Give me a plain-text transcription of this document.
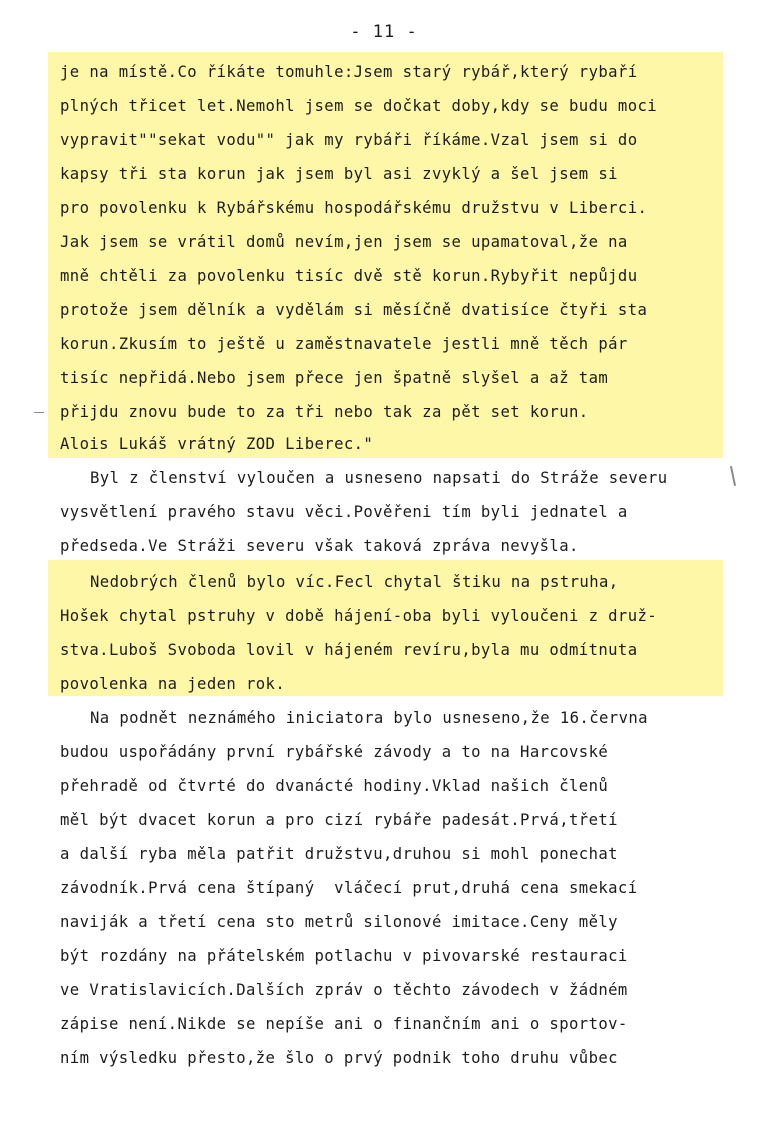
- 11 -
je na místě.Co říkáte tomuhle:Jsem starý rybář,který rybaří
plných třicet let.Nemohl jsem se dočkat doby,kdy se budu moci
vypravit""sekat vodu"" jak my rybáři říkáme.Vzal jsem si do
kapsy tři sta korun jak jsem byl asi zvyklý a šel jsem si
pro povolenku k Rybářskému hospodářskému družstvu v Liberci.
Jak jsem se vrátil domů nevím,jen jsem se upamatoval,že na
mně chtěli za povolenku tisíc dvě stě korun.Rybyřit nepůjdu
protože jsem dělník a vydělám si měsíčně dvatisíce čtyři sta
korun.Zkusím to ještě u zaměstnavatele jestli mně těch pár
tisíc nepřidá.Nebo jsem přece jen špatně slyšel a až tam
přijdu znovu bude to za tři nebo tak za pět set korun.
Alois Lukáš vrátný ZOD Liberec."
Byl z členství vyloučen a usneseno napsati do Stráže severu
vysvětlení pravého stavu věci.Pověřeni tím byli jednatel a
předseda.Ve Stráži severu však taková zpráva nevyšla.
Nedobrých členů bylo víc.Fecl chytal štiku na pstruha,
Hošek chytal pstruhy v době hájení-oba byli vyloučeni z druž-
stva.Luboš Svoboda lovil v hájeném revíru,byla mu odmítnuta
povolenka na jeden rok.
Na podnět neznámého iniciatora bylo usneseno,že 16.června
budou uspořádány první rybářské závody a to na Harcovské
přehradě od čtvrté do dvanácté hodiny.Vklad našich členů
měl být dvacet korun a pro cizí rybáře padesát.Prvá,třetí
a další ryba měla patřit družstvu,druhou si mohl ponechat
závodník.Prvá cena štípaný  vláčecí prut,druhá cena smekací
naviják a třetí cena sto metrů silonové imitace.Ceny měly
být rozdány na přátelském potlachu v pivovarské restauraci
ve Vratislavicích.Dalších zpráv o těchto závodech v žádném
zápise není.Nikde se nepíše ani o finančním ani o sportov-
ním výsledku přesto,že šlo o prvý podnik toho druhu vůbec
